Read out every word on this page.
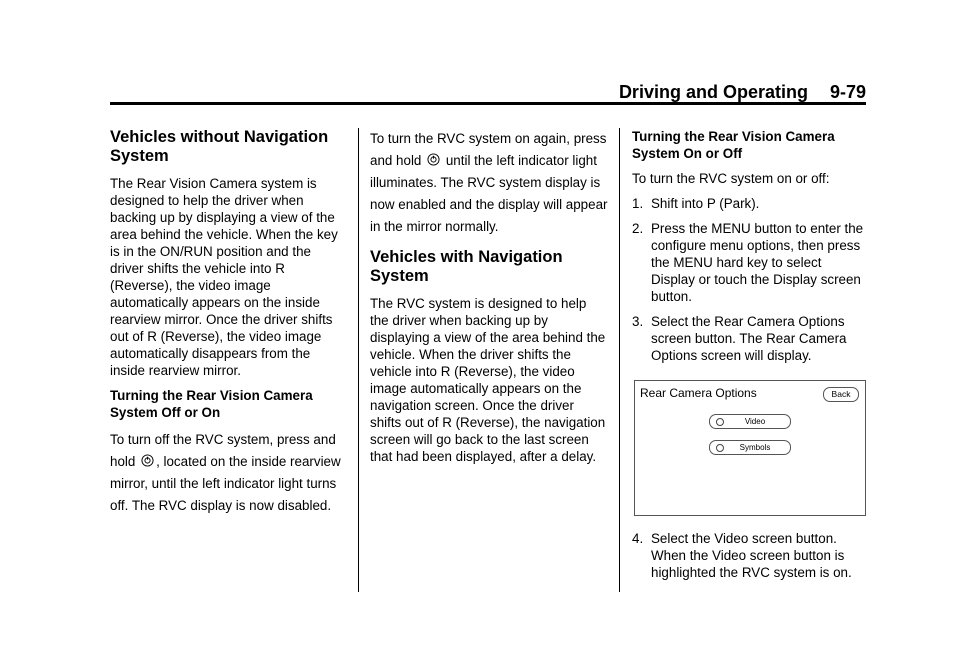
Driving and Operating 9-79
Vehicles without Navigation System

The Rear Vision Camera system is designed to help the driver when backing up by displaying a view of the area behind the vehicle. When the key is in the ON/RUN position and the driver shifts the vehicle into R (Reverse), the video image automatically appears on the inside rearview mirror. Once the driver shifts out of R (Reverse), the video image automatically disappears from the inside rearview mirror.

Turning the Rear Vision Camera System Off or On

To turn off the RVC system, press and hold , located on the inside rearview mirror, until the left indicator light turns off. The RVC display is now disabled.

To turn the RVC system on again, press and hold until the left indicator light illuminates. The RVC system display is now enabled and the display will appear in the mirror normally.

Vehicles with Navigation System

The RVC system is designed to help the driver when backing up by displaying a view of the area behind the vehicle. When the driver shifts the vehicle into R (Reverse), the video image automatically appears on the navigation screen. Once the driver shifts out of R (Reverse), the navigation screen will go back to the last screen that had been displayed, after a delay.

Turning the Rear Vision Camera System On or Off

To turn the RVC system on or off:

1. Shift into P (Park).
2. Press the MENU button to enter the configure menu options, then press the MENU hard key to select Display or touch the Display screen button.
3. Select the Rear Camera Options screen button. The Rear Camera Options screen will display.
Rear Camera Options	Back
Video
Symbols
4. Select the Video screen button. When the Video screen button is highlighted the RVC system is on.
